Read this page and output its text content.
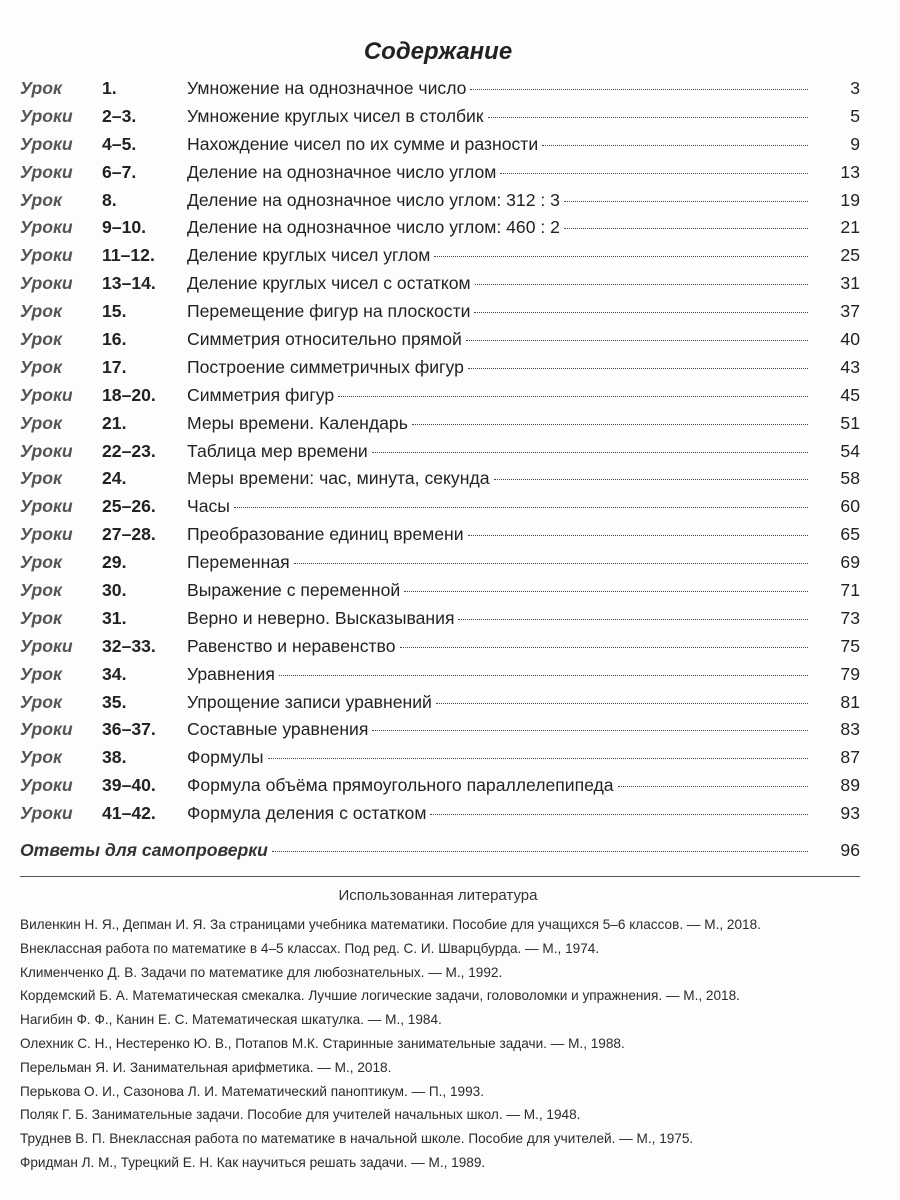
Содержание
Урок	1.	Умножение на однозначное число	3
Уроки	2–3.	Умножение круглых чисел в столбик	5
Уроки	4–5.	Нахождение чисел по их сумме и разности	9
Уроки	6–7.	Деление на однозначное число углом	13
Урок	8.	Деление на однозначное число углом: 312 : 3	19
Уроки	9–10.	Деление на однозначное число углом: 460 : 2	21
Уроки	11–12.	Деление круглых чисел углом	25
Уроки	13–14.	Деление круглых чисел с остатком	31
Урок	15.	Перемещение фигур на плоскости	37
Урок	16.	Симметрия относительно прямой	40
Урок	17.	Построение симметричных фигур	43
Уроки	18–20.	Симметрия фигур	45
Урок	21.	Меры времени. Календарь	51
Уроки	22–23.	Таблица мер времени	54
Урок	24.	Меры времени: час, минута, секунда	58
Уроки	25–26.	Часы	60
Уроки	27–28.	Преобразование единиц времени	65
Урок	29.	Переменная	69
Урок	30.	Выражение с переменной	71
Урок	31.	Верно и неверно. Высказывания	73
Уроки	32–33.	Равенство и неравенство	75
Урок	34.	Уравнения	79
Урок	35.	Упрощение записи уравнений	81
Уроки	36–37.	Составные уравнения	83
Урок	38.	Формулы	87
Уроки	39–40.	Формула объёма прямоугольного параллелепипеда	89
Уроки	41–42.	Формула деления с остатком	93
Ответы для самопроверки	96
Использованная литература

Виленкин Н. Я., Депман И. Я. За страницами учебника математики. Пособие для учащихся 5–6 классов. — М., 2018.

Внеклассная работа по математике в 4–5 классах. Под ред. С. И. Шварцбурда. — М., 1974.

Клименченко Д. В. Задачи по математике для любознательных. — М., 1992.

Кордемский Б. А. Математическая смекалка. Лучшие логические задачи, головоломки и упражнения. — М., 2018.

Нагибин Ф. Ф., Канин Е. С. Математическая шкатулка. — М., 1984.

Олехник С. Н., Нестеренко Ю. В., Потапов М.К. Старинные занимательные задачи. — М., 1988.

Перельман Я. И. Занимательная арифметика. — М., 2018.

Перькова О. И., Сазонова Л. И. Математический паноптикум. — П., 1993.

Поляк Г. Б. Занимательные задачи. Пособие для учителей начальных школ. — М., 1948.

Труднев В. П. Внеклассная работа по математике в начальной школе. Пособие для учителей. — М., 1975.

Фридман Л. М., Турецкий Е. Н. Как научиться решать задачи. — М., 1989.
